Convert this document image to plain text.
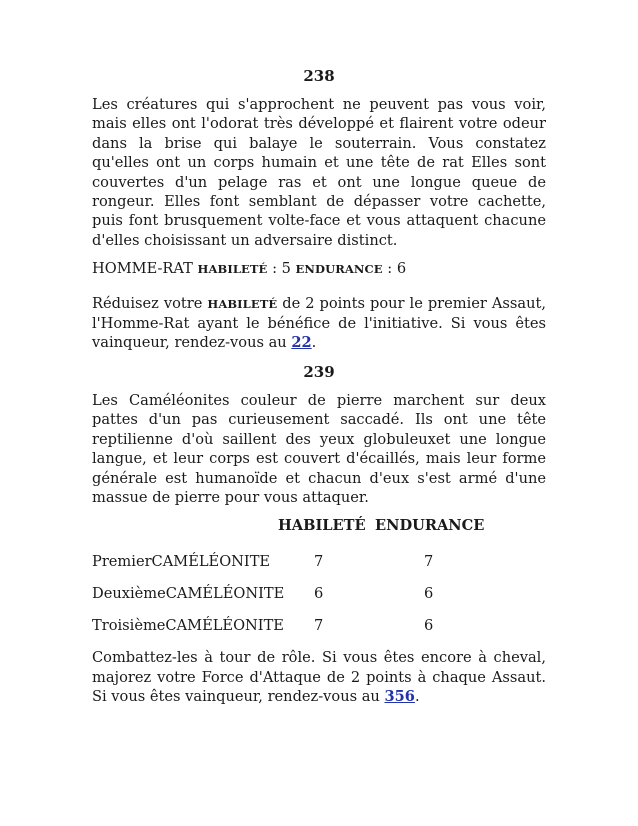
238

Les créatures qui s'approchent ne peuvent pas vous voir, mais elles ont l'odorat très développé et flairent votre odeur dans la brise qui balaye le souterrain. Vous constatez qu'elles ont un corps humain et une tête de rat Elles sont couvertes d'un pelage ras et ont une longue queue de rongeur. Elles font semblant de dépasser votre cachette, puis font brusquement volte-face et vous attaquent chacune d'elles choisissant un adversaire distinct.

HOMME-RAT HABILETÉ : 5 ENDURANCE : 6

Réduisez votre HABILETÉ de 2 points pour le premier Assaut, l'Homme-Rat ayant le bénéfice de l'initiative. Si vous êtes vainqueur, rendez-vous au 22.

239

Les Caméléonites couleur de pierre marchent sur deux pattes d'un pas curieusement saccadé. Ils ont une tête reptilienne d'où saillent des yeux globuleuxet une longue langue, et leur corps est couvert d'écaillés, mais leur forme générale est humanoïde et chacun d'eux s'est armé d'une massue de pierre pour vous attaquer.

HABILETÉ ENDURANCE
PremierCAMÉLÉONITE	7	7
DeuxièmeCAMÉLÉONITE 6	6
TroisièmeCAMÉLÉONITE 7	6

Combattez-les à tour de rôle. Si vous êtes encore à cheval, majorez votre Force d'Attaque de 2 points à chaque Assaut. Si vous êtes vainqueur, rendez-vous au 356.
